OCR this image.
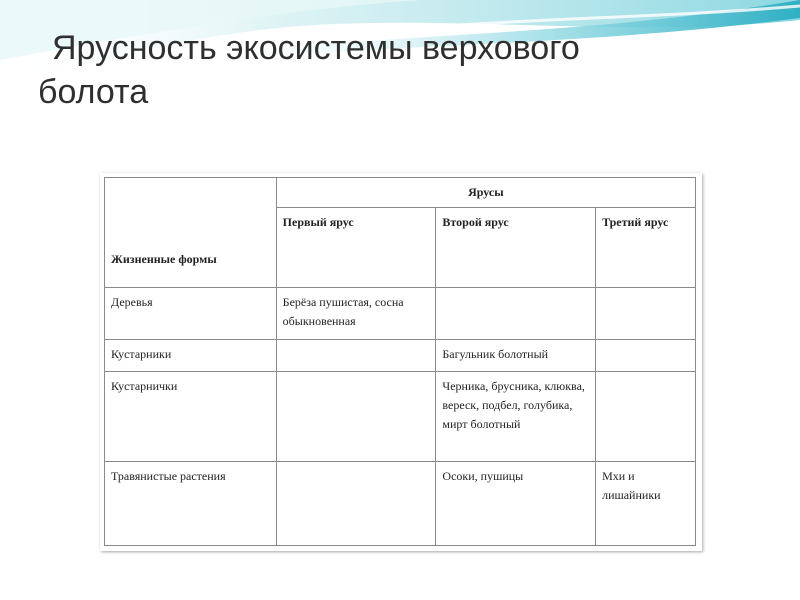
Ярусность экосистемы верхового
болота
Жизненные формы	Ярусы		
	Первый ярус	Второй ярус	Третий ярус
Деревья	Берёза пушистая, сосна обыкновенная		
Кустарники		Багульник болотный	
Кустарнички		Черника, брусника, клюква, вереск, подбел, голубика, мирт болотный	
Травянистые растения		Осоки, пушицы	Мхи и лишайники
